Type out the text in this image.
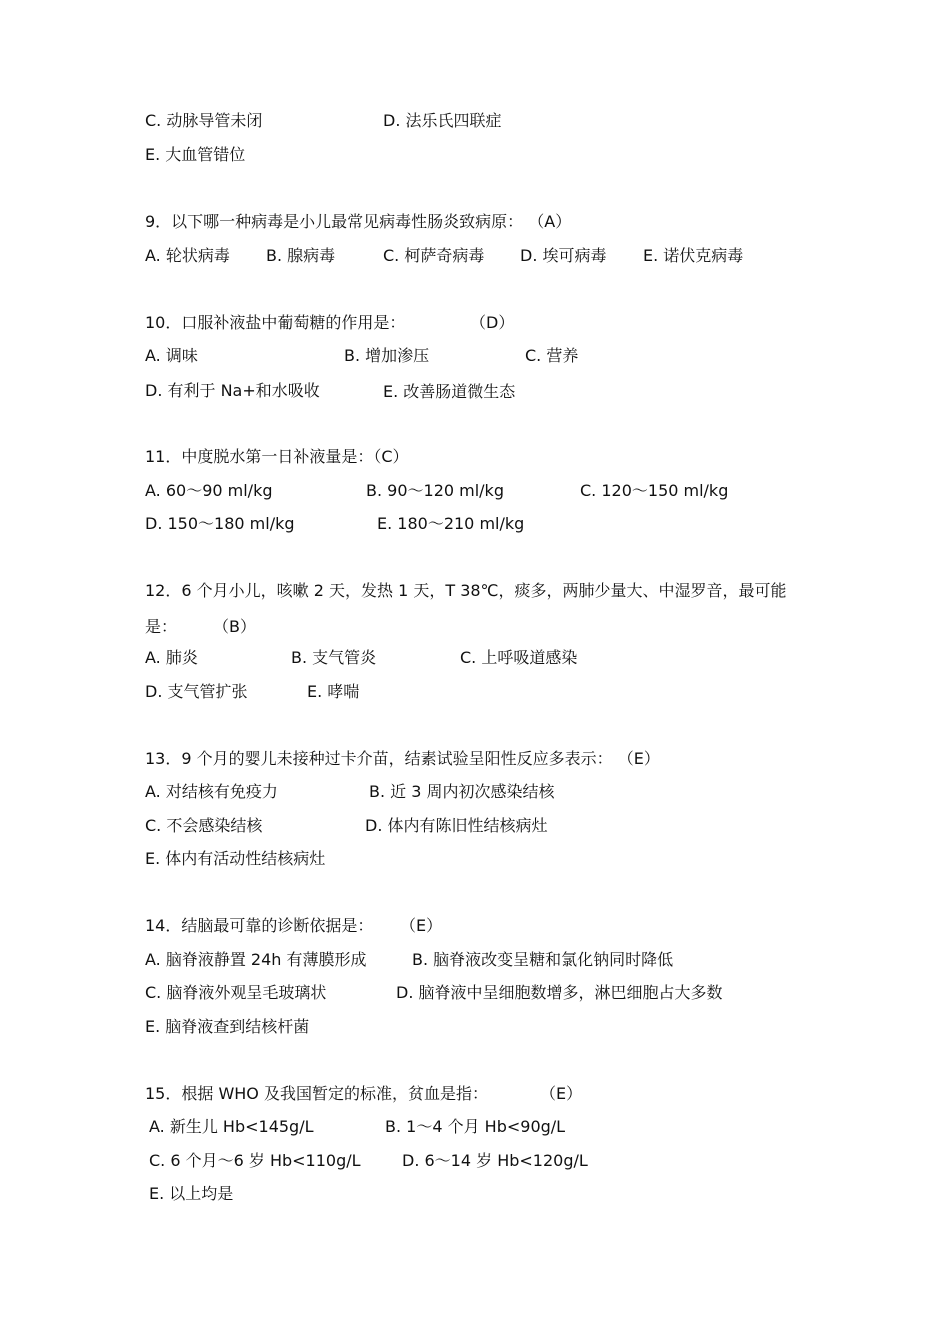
C. 动脉导管未闭	D. 法乐氏四联症
E. 大血管错位
9．以下哪一种病毒是小儿最常见病毒性肠炎致病原： （A）
A. 轮状病毒 B. 腺病毒	C. 柯萨奇病毒 D. 埃可病毒 E. 诺伏克病毒
10．口服补液盐中葡萄糖的作用是：	（D）
A. 调味	B. 增加渗压	C. 营养
D. 有利于 Na+和水吸收	E. 改善肠道微生态
11．中度脱水第一日补液量是：（C）
A. 60～90 ml/kg	B. 90～120 ml/kg	C. 120～150 ml/kg
D. 150～180 ml/kg	E. 180～210 ml/kg
12．6 个月小儿，咳嗽 2 天，发热 1 天，T 38℃，痰多，两肺少量大、中湿罗音，最可能
是： （B）
A. 肺炎	B. 支气管炎	C. 上呼吸道感染
D. 支气管扩张	E. 哮喘
13．9 个月的婴儿未接种过卡介苗，结素试验呈阳性反应多表示： （E）
A. 对结核有免疫力	B. 近 3 周内初次感染结核
C. 不会感染结核	D. 体内有陈旧性结核病灶
E. 体内有活动性结核病灶
14．结脑最可靠的诊断依据是： （E）
A. 脑脊液静置 24h 有薄膜形成	B. 脑脊液改变呈糖和氯化钠同时降低
C. 脑脊液外观呈毛玻璃状	D. 脑脊液中呈细胞数增多，淋巴细胞占大多数
E. 脑脊液查到结核杆菌
15．根据 WHO 及我国暂定的标准，贫血是指：	（E）
A. 新生儿 Hb<145g/L	B. 1～4 个月 Hb<90g/L
C. 6 个月～6 岁 Hb<110g/L	D. 6～14 岁 Hb<120g/L
E. 以上均是
